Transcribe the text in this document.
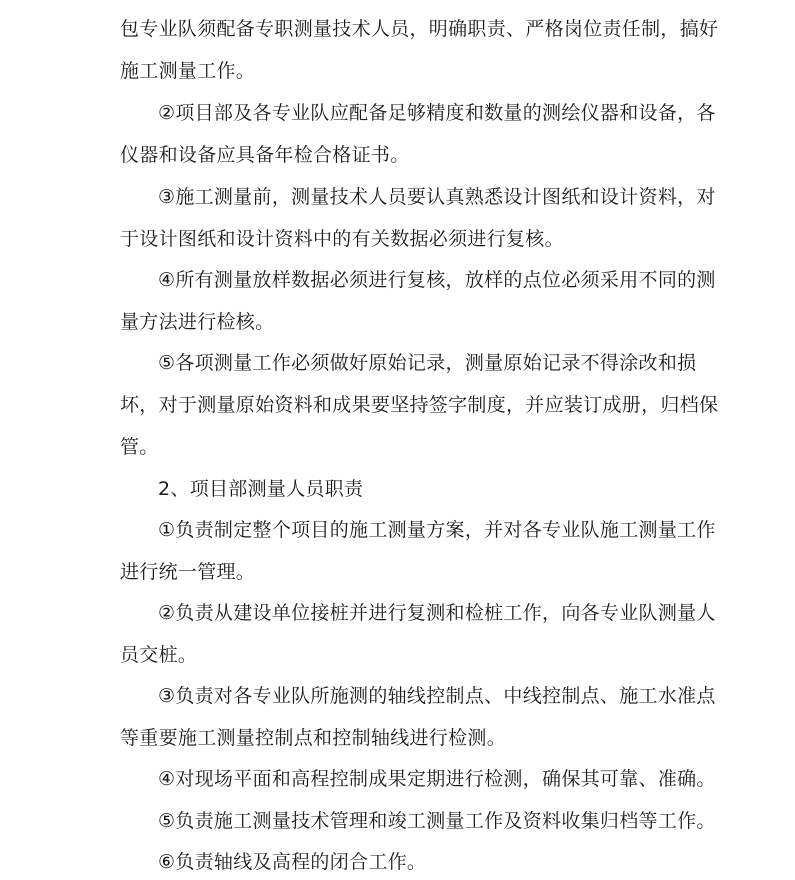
包专业队须配备专职测量技术人员，明确职责、严格岗位责任制，搞好
施工测量工作。
②项目部及各专业队应配备足够精度和数量的测绘仪器和设备，各
仪器和设备应具备年检合格证书。
③施工测量前，测量技术人员要认真熟悉设计图纸和设计资料，对
于设计图纸和设计资料中的有关数据必须进行复核。
④所有测量放样数据必须进行复核，放样的点位必须采用不同的测
量方法进行检核。
⑤各项测量工作必须做好原始记录，测量原始记录不得涂改和损
坏，对于测量原始资料和成果要坚持签字制度，并应装订成册，归档保
管。
2、项目部测量人员职责
①负责制定整个项目的施工测量方案，并对各专业队施工测量工作
进行统一管理。
②负责从建设单位接桩并进行复测和检桩工作，向各专业队测量人
员交桩。
③负责对各专业队所施测的轴线控制点、中线控制点、施工水准点
等重要施工测量控制点和控制轴线进行检测。
④对现场平面和高程控制成果定期进行检测，确保其可靠、准确。
⑤负责施工测量技术管理和竣工测量工作及资料收集归档等工作。
⑥负责轴线及高程的闭合工作。
